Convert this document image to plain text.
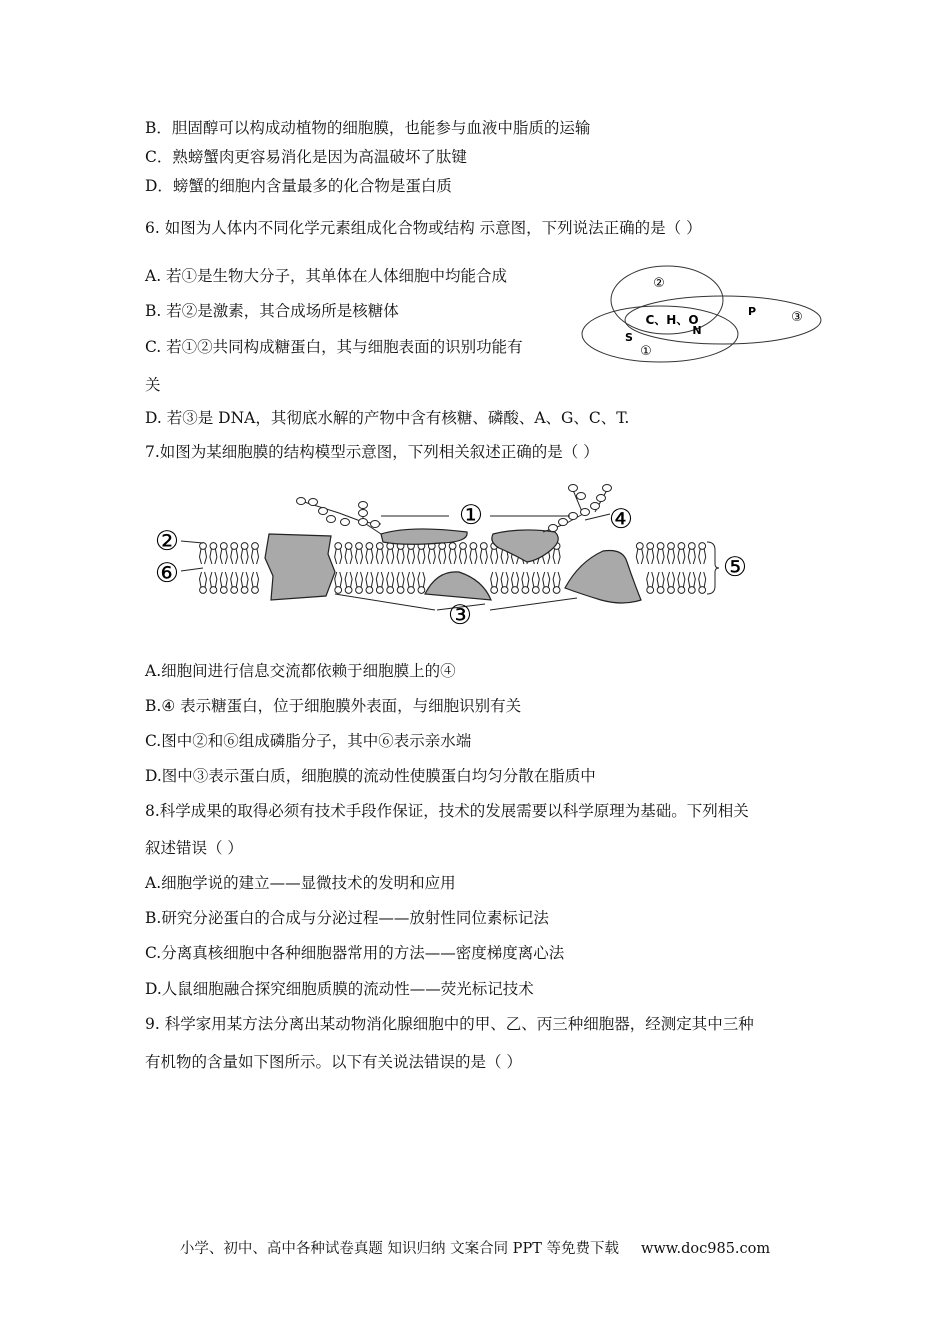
B．胆固醇可以构成动植物的细胞膜，也能参与血液中脂质的运输
C．熟螃蟹肉更容易消化是因为高温破坏了肽键
D．螃蟹的细胞内含量最多的化合物是蛋白质
6. 如图为人体内不同化学元素组成化合物或结构 示意图，下列说法正确的是（ ）
A. 若①是生物大分子，其单体在人体细胞中均能合成
B. 若②是激素，其合成场所是核糖体
C. 若①②共同构成糖蛋白，其与细胞表面的识别功能有
关
D. 若③是 DNA，其彻底水解的产物中含有核糖、磷酸、A、G、C、T.
②
③
①
C、H、O
N
P
S
7.如图为某细胞膜的结构模型示意图，下列相关叙述正确的是（ ）
①	④
②
⑥	⑤
③
A.细胞间进行信息交流都依赖于细胞膜上的④
B.④ 表示糖蛋白，位于细胞膜外表面，与细胞识别有关
C.图中②和⑥组成磷脂分子，其中⑥表示亲水端
D.图中③表示蛋白质，细胞膜的流动性使膜蛋白均匀分散在脂质中
8.科学成果的取得必须有技术手段作保证，技术的发展需要以科学原理为基础。下列相关
叙述错误（ ）
A.细胞学说的建立——显微技术的发明和应用
B.研究分泌蛋白的合成与分泌过程——放射性同位素标记法
C.分离真核细胞中各种细胞器常用的方法——密度梯度离心法
D.人鼠细胞融合探究细胞质膜的流动性——荧光标记技术
9. 科学家用某方法分离出某动物消化腺细胞中的甲、乙、丙三种细胞器，经测定其中三种
有机物的含量如下图所示。以下有关说法错误的是（ ）
小学、初中、高中各种试卷真题 知识归纳 文案合同 PPT 等免费下载 www.doc985.com
